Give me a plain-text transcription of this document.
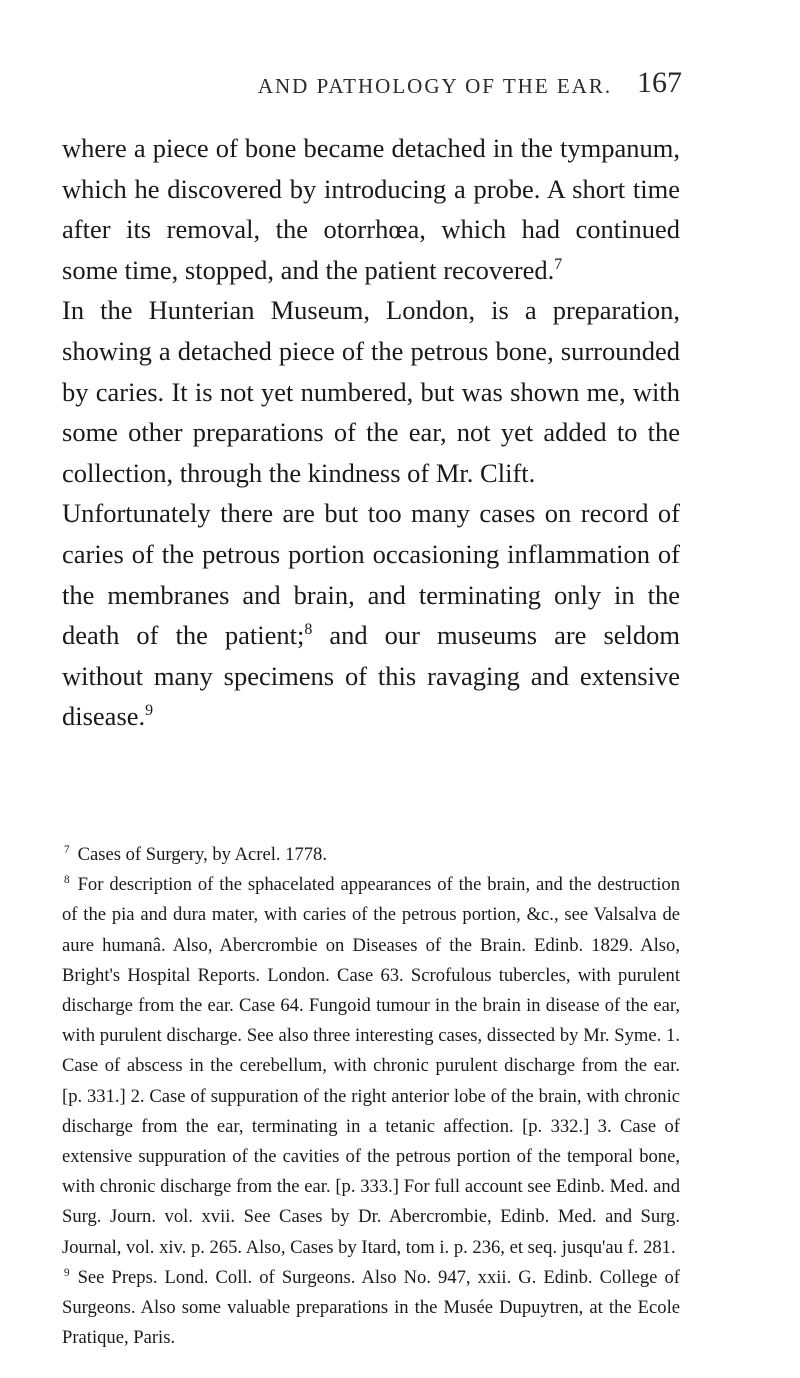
AND PATHOLOGY OF THE EAR. 167

where a piece of bone became detached in the tympanum, which he discovered by introducing a probe. A short time after its removal, the otorrhœa, which had continued some time, stopped, and the patient recovered.$^7$

In the Hunterian Museum, London, is a preparation, showing a detached piece of the petrous bone, surrounded by caries. It is not yet numbered, but was shown me, with some other preparations of the ear, not yet added to the collection, through the kindness of Mr. Clift.

Unfortunately there are but too many cases on record of caries of the petrous portion occasioning inflammation of the membranes and brain, and terminating only in the death of the patient;$^8$ and our museums are seldom without many specimens of this ravaging and extensive disease.$^9$

$^7$ Cases of Surgery, by Acrel. 1778.

$^8$ For description of the sphacelated appearances of the brain, and the destruction of the pia and dura mater, with caries of the petrous portion, &c., see Valsalva de aure humanâ. Also, Abercrombie on Diseases of the Brain. Edinb. 1829. Also, Bright's Hospital Reports. London. Case 63. Scrofulous tubercles, with purulent discharge from the ear. Case 64. Fungoid tumour in the brain in disease of the ear, with purulent discharge. See also three interesting cases, dissected by Mr. Syme. 1. Case of abscess in the cerebellum, with chronic purulent discharge from the ear. [p. 331.] 2. Case of suppuration of the right anterior lobe of the brain, with chronic discharge from the ear, terminating in a tetanic affection. [p. 332.] 3. Case of extensive suppuration of the cavities of the petrous portion of the temporal bone, with chronic discharge from the ear. [p. 333.] For full account see Edinb. Med. and Surg. Journ. vol. xvii. See Cases by Dr. Abercrombie, Edinb. Med. and Surg. Journal, vol. xiv. p. 265. Also, Cases by Itard, tom i. p. 236, et seq. jusqu'au f. 281.

$^9$ See Preps. Lond. Coll. of Surgeons. Also No. 947, xxii. G. Edinb. College of Surgeons. Also some valuable preparations in the Musée Dupuytren, at the Ecole Pratique, Paris.
